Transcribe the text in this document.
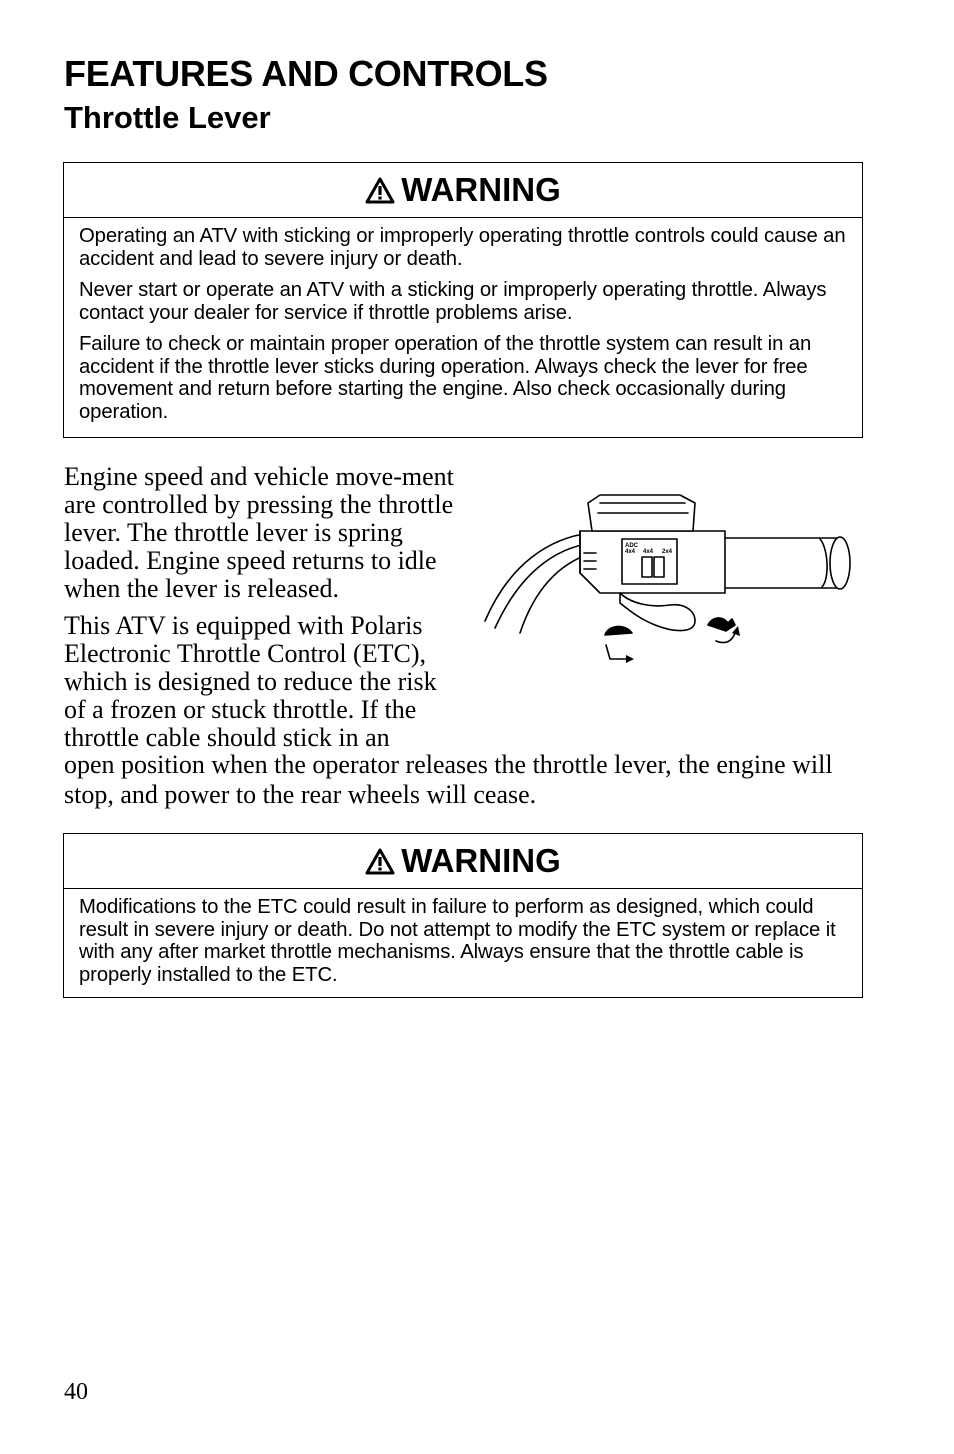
FEATURES AND CONTROLS
Throttle Lever
WARNING

Operating an ATV with sticking or improperly operating throttle controls could cause an accident and lead to severe injury or death.

Never start or operate an ATV with a sticking or improperly operating throttle. Always contact your dealer for service if throttle problems arise.

Failure to check or maintain proper operation of the throttle system can result in an accident if the throttle lever sticks during operation. Always check the lever for free movement and return before starting the engine. Also check occasionally during operation.

Engine speed and vehicle move-ment are controlled by pressing the throttle lever. The throttle lever is spring loaded. Engine speed returns to idle when the lever is released.

This ATV is equipped with Polaris Electronic Throttle Control (ETC), which is designed to reduce the risk of a frozen or stuck throttle. If the throttle cable should stick in an

open position when the operator releases the throttle lever, the engine will stop, and power to the rear wheels will cease.

ADC
4x4 4x4 2x4
WARNING

Modifications to the ETC could result in failure to perform as designed, which could result in severe injury or death. Do not attempt to modify the ETC system or replace it with any after market throttle mechanisms. Always ensure that the throttle cable is properly installed to the ETC.

40
